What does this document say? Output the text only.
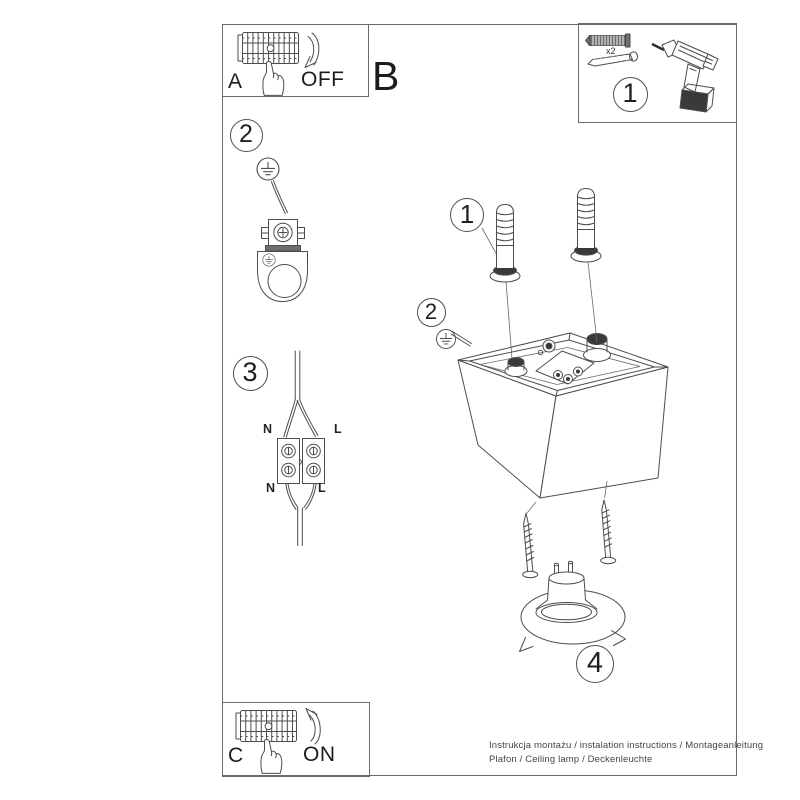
A	OFF B
x2
C	ON
1
2
3
1
2
4
N	L
N	L
Instrukcja montażu / instalation instructions / Montageanleitung
Plafon / Ceiling lamp / Deckenleuchte
